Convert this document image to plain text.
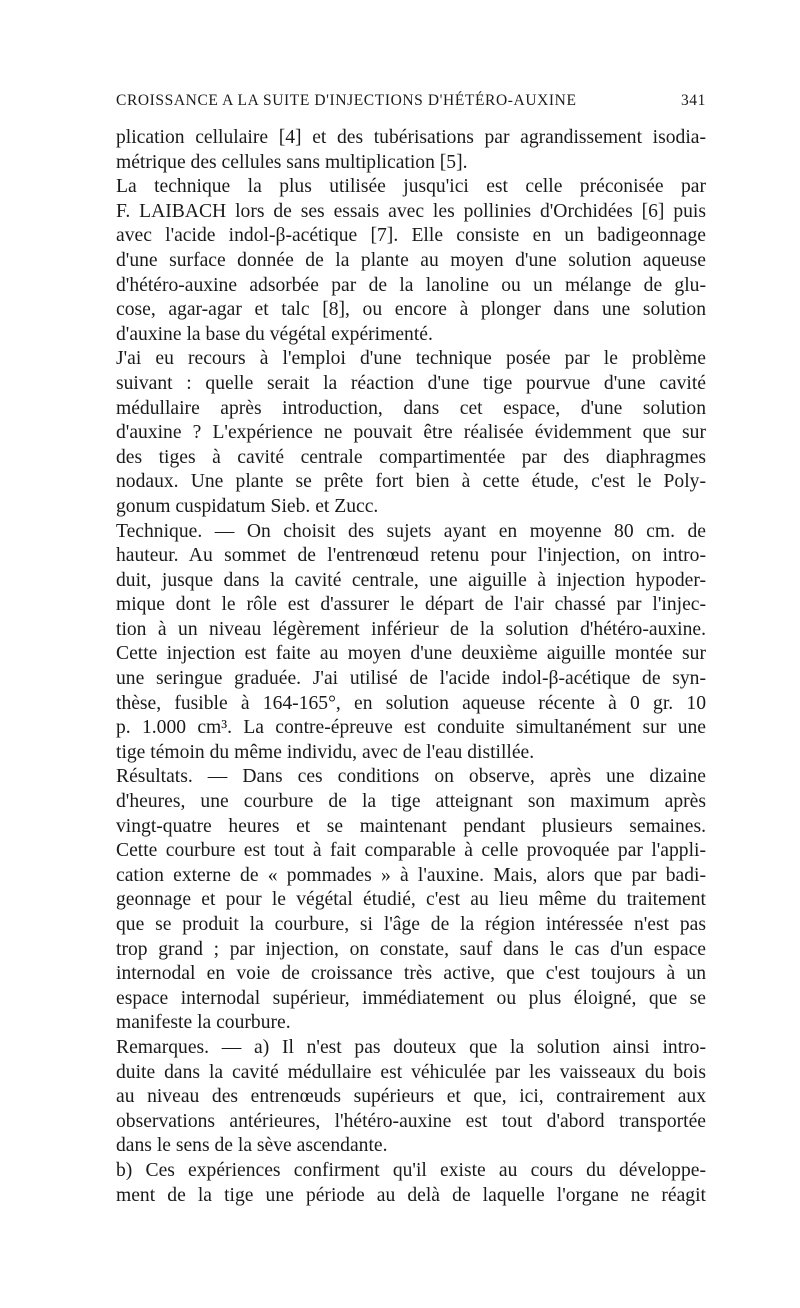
CROISSANCE A LA SUITE D'INJECTIONS D'HÉTÉRO-AUXINE	341
plication cellulaire [4] et des tubérisations par agrandissement isodia-
métrique des cellules sans multiplication [5].
La technique la plus utilisée jusqu'ici est celle préconisée par
F. LAIBACH lors de ses essais avec les pollinies d'Orchidées [6] puis
avec l'acide indol-β-acétique [7]. Elle consiste en un badigeonnage
d'une surface donnée de la plante au moyen d'une solution aqueuse
d'hétéro-auxine adsorbée par de la lanoline ou un mélange de glu-
cose, agar-agar et talc [8], ou encore à plonger dans une solution
d'auxine la base du végétal expérimenté.
J'ai eu recours à l'emploi d'une technique posée par le problème
suivant : quelle serait la réaction d'une tige pourvue d'une cavité
médullaire après introduction, dans cet espace, d'une solution
d'auxine ? L'expérience ne pouvait être réalisée évidemment que sur
des tiges à cavité centrale compartimentée par des diaphragmes
nodaux. Une plante se prête fort bien à cette étude, c'est le Poly-
gonum cuspidatum Sieb. et Zucc.
Technique. — On choisit des sujets ayant en moyenne 80 cm. de
hauteur. Au sommet de l'entrenœud retenu pour l'injection, on intro-
duit, jusque dans la cavité centrale, une aiguille à injection hypoder-
mique dont le rôle est d'assurer le départ de l'air chassé par l'injec-
tion à un niveau légèrement inférieur de la solution d'hétéro-auxine.
Cette injection est faite au moyen d'une deuxième aiguille montée sur
une seringue graduée. J'ai utilisé de l'acide indol-β-acétique de syn-
thèse, fusible à 164-165°, en solution aqueuse récente à 0 gr. 10
p. 1.000 cm³. La contre-épreuve est conduite simultanément sur une
tige témoin du même individu, avec de l'eau distillée.
Résultats. — Dans ces conditions on observe, après une dizaine
d'heures, une courbure de la tige atteignant son maximum après
vingt-quatre heures et se maintenant pendant plusieurs semaines.
Cette courbure est tout à fait comparable à celle provoquée par l'appli-
cation externe de « pommades » à l'auxine. Mais, alors que par badi-
geonnage et pour le végétal étudié, c'est au lieu même du traitement
que se produit la courbure, si l'âge de la région intéressée n'est pas
trop grand ; par injection, on constate, sauf dans le cas d'un espace
internodal en voie de croissance très active, que c'est toujours à un
espace internodal supérieur, immédiatement ou plus éloigné, que se
manifeste la courbure.
Remarques. — a) Il n'est pas douteux que la solution ainsi intro-
duite dans la cavité médullaire est véhiculée par les vaisseaux du bois
au niveau des entrenœuds supérieurs et que, ici, contrairement aux
observations antérieures, l'hétéro-auxine est tout d'abord transportée
dans le sens de la sève ascendante.
b) Ces expériences confirment qu'il existe au cours du développe-
ment de la tige une période au delà de laquelle l'organe ne réagit
